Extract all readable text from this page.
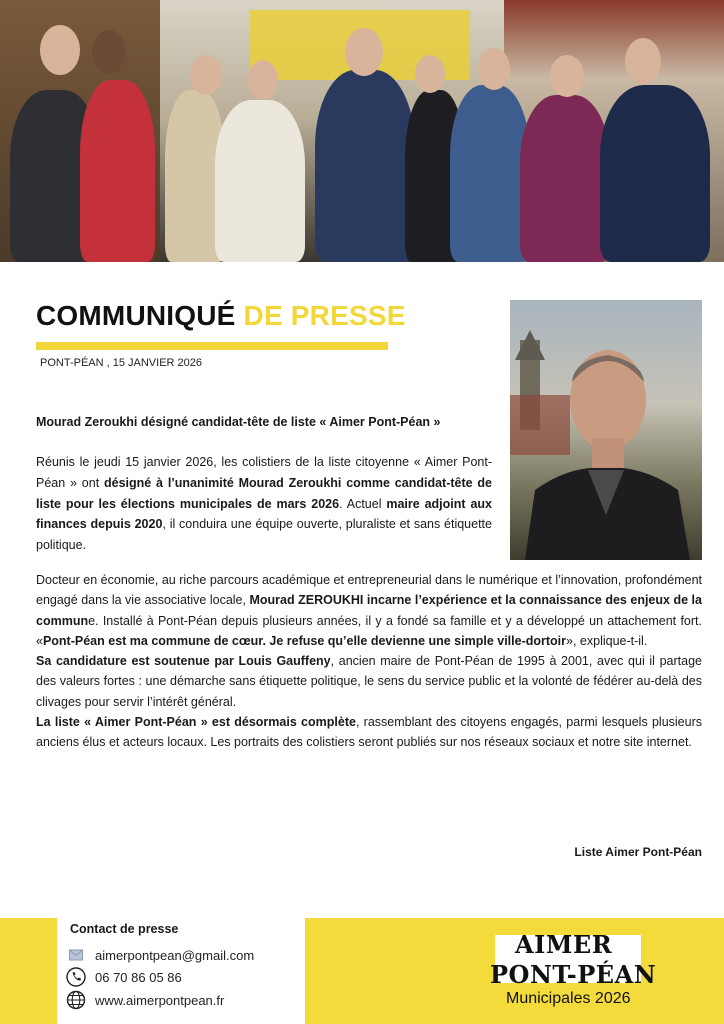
COMMUNIQUÉ DE PRESSE
PONT-PÉAN , 15 JANVIER 2026
Mourad Zeroukhi désigné candidat-tête de liste « Aimer Pont-Péan »
Réunis le jeudi 15 janvier 2026, les colistiers de la liste citoyenne « Aimer Pont-Péan » ont désigné à l’unanimité Mourad Zeroukhi comme candidat-tête de liste pour les élections municipales de mars 2026. Actuel maire adjoint aux finances depuis 2020, il conduira une équipe ouverte, pluraliste et sans étiquette politique.

Docteur en économie, au riche parcours académique et entrepreneurial dans le numérique et l’innovation, profondément engagé dans la vie associative locale, Mourad ZEROUKHI incarne l’expérience et la connaissance des enjeux de la commune. Installé à Pont-Péan depuis plusieurs années, il y a fondé sa famille et y a développé un attachement fort. «Pont-Péan est ma commune de cœur. Je refuse qu’elle devienne une simple ville-dortoir», explique-t-il.

Sa candidature est soutenue par Louis Gauffeny, ancien maire de Pont-Péan de 1995 à 2001, avec qui il partage des valeurs fortes : une démarche sans étiquette politique, le sens du service public et la volonté de fédérer au-delà des clivages pour servir l’intérêt général.

La liste « Aimer Pont-Péan » est désormais complète, rassemblant des citoyens engagés, parmi lesquels plusieurs anciens élus et acteurs locaux. Les portraits des colistiers seront publiés sur nos réseaux sociaux et notre site internet.

Liste Aimer Pont-Péan
Contact de presse
aimerpontpean@gmail.com
06 70 86 05 86
www.aimerpontpean.fr
AIMER
PONT-PÉAN
Municipales 2026
